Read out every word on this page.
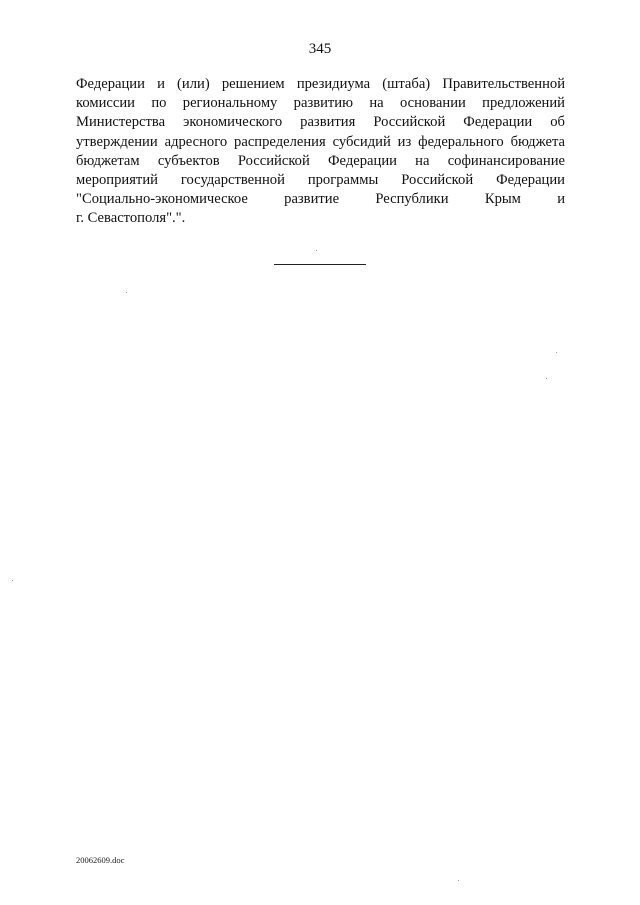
345
Федерации и (или) решением президиума (штаба) Правительственной
комиссии по региональному развитию на основании предложений
Министерства экономического развития Российской Федерации об
утверждении адресного распределения субсидий из федерального бюджета
бюджетам субъектов Российской Федерации на софинансирование
мероприятий государственной программы Российской Федерации
"Социально-экономическое развитие Республики Крым и
г. Севастополя".".
20062609.doc
